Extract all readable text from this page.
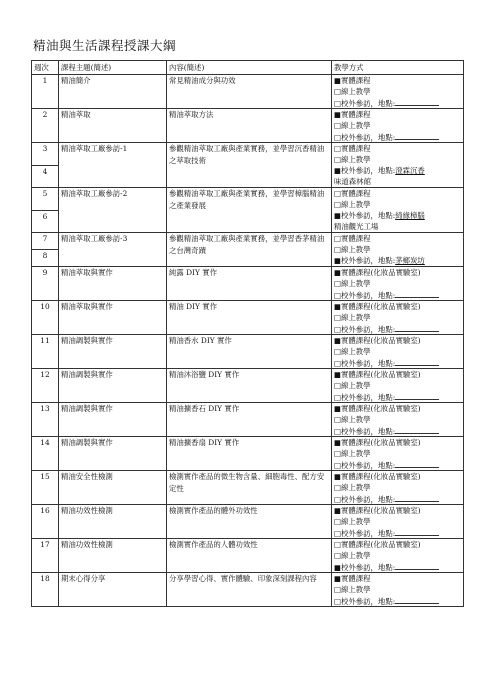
精油與生活課程授課大綱
週次	課程主題(簡述)	內容(簡述)	教學方式
1	精油簡介	常見精油成分與功效	■實體課程
□線上教學
□校外參訪，地點:

2	精油萃取	精油萃取方法	■實體課程
□線上教學
□校外參訪，地點:

3	精油萃取工廠參訪-1	參觀精油萃取工廠與產業實務，並學習沉香精油之萃取技術	□實體課程
□線上教學
■校外參訪，地點:澄霖沉香
味道森林館

4			
5	精油萃取工廠參訪-2	參觀精油萃取工廠與產業實務，並學習樟腦精油之產業發展	□實體課程
□線上教學
■校外參訪，地點:綺緣樟腦
精油觀光工場

6			
7	精油萃取工廠參訪-3	參觀精油萃取工廠與產業實務，並學習香茅精油之台灣奇蹟	□實體課程
□線上教學
■校外參訪，地點:茅鄉炭坊

8			
9	精油萃取與實作	純露 DIY 實作	■實體課程(化妝品實驗室)
□線上教學
□校外參訪，地點:

10	精油萃取與實作	精油 DIY 實作	■實體課程(化妝品實驗室)
□線上教學
□校外參訪，地點:

11	精油調製與實作	精油香水 DIY 實作	■實體課程(化妝品實驗室)
□線上教學
□校外參訪，地點:

12	精油調製與實作	精油沐浴鹽 DIY 實作	■實體課程(化妝品實驗室)
□線上教學
□校外參訪，地點:

13	精油調製與實作	精油擴香石 DIY 實作	■實體課程(化妝品實驗室)
□線上教學
□校外參訪，地點:

14	精油調製與實作	精油擴香扇 DIY 實作	■實體課程(化妝品實驗室)
□線上教學
□校外參訪，地點:

15	精油安全性檢測	檢測實作產品的微生物含量、細胞毒性、配方安定性	■實體課程(化妝品實驗室)
□線上教學
□校外參訪，地點:

16	精油功效性檢測	檢測實作產品的體外功效性	■實體課程(化妝品實驗室)
□線上教學
□校外參訪，地點:

17	精油功效性檢測	檢測實作產品的人體功效性	□實體課程(化妝品實驗室)
□線上教學
■校外參訪，地點:

18	期末心得分享	分享學習心得、實作體驗、印象深刻課程內容	■實體課程
□線上教學
□校外參訪，地點:
